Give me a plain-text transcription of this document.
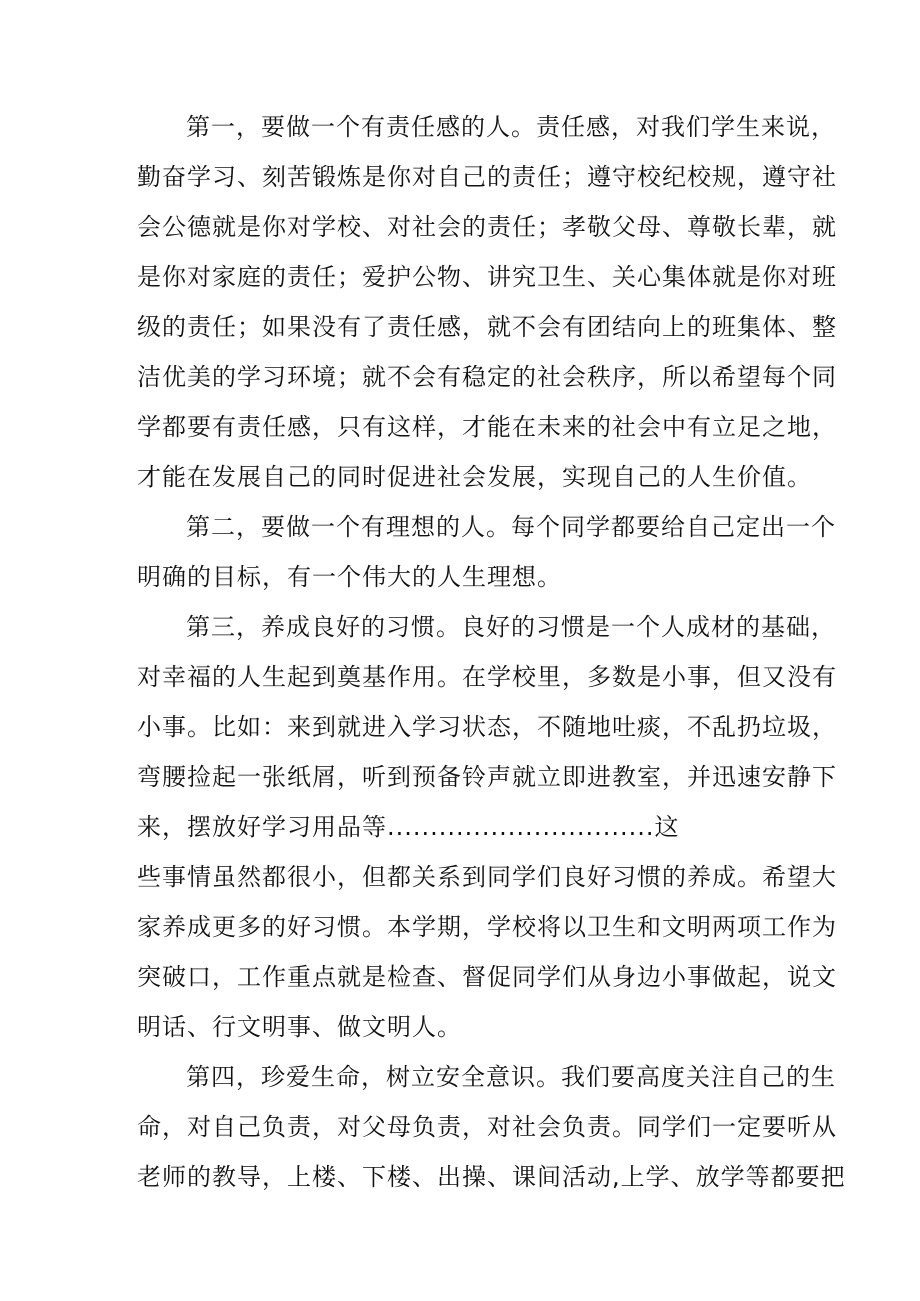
第一，要做一个有责任感的人。责任感，对我们学生来说，
勤奋学习、刻苦锻炼是你对自己的责任；遵守校纪校规，遵守社
会公德就是你对学校、对社会的责任；孝敬父母、尊敬长辈，就
是你对家庭的责任；爱护公物、讲究卫生、关心集体就是你对班
级的责任；如果没有了责任感，就不会有团结向上的班集体、整
洁优美的学习环境；就不会有稳定的社会秩序，所以希望每个同
学都要有责任感，只有这样，才能在未来的社会中有立足之地，
才能在发展自己的同时促进社会发展，实现自己的人生价值。
第二，要做一个有理想的人。每个同学都要给自己定出一个
明确的目标，有一个伟大的人生理想。
第三，养成良好的习惯。良好的习惯是一个人成材的基础，
对幸福的人生起到奠基作用。在学校里，多数是小事，但又没有
小事。比如：来到就进入学习状态，不随地吐痰，不乱扔垃圾，
弯腰捡起一张纸屑，听到预备铃声就立即进教室，并迅速安静下
来，摆放好学习用品等...............................这
些事情虽然都很小，但都关系到同学们良好习惯的养成。希望大
家养成更多的好习惯。本学期，学校将以卫生和文明两项工作为
突破口，工作重点就是检查、督促同学们从身边小事做起，说文
明话、行文明事、做文明人。
第四，珍爱生命，树立安全意识。我们要高度关注自己的生
命，对自己负责，对父母负责，对社会负责。同学们一定要听从
老师的教导，上楼、下楼、出操、课间活动,上学、放学等都要把
